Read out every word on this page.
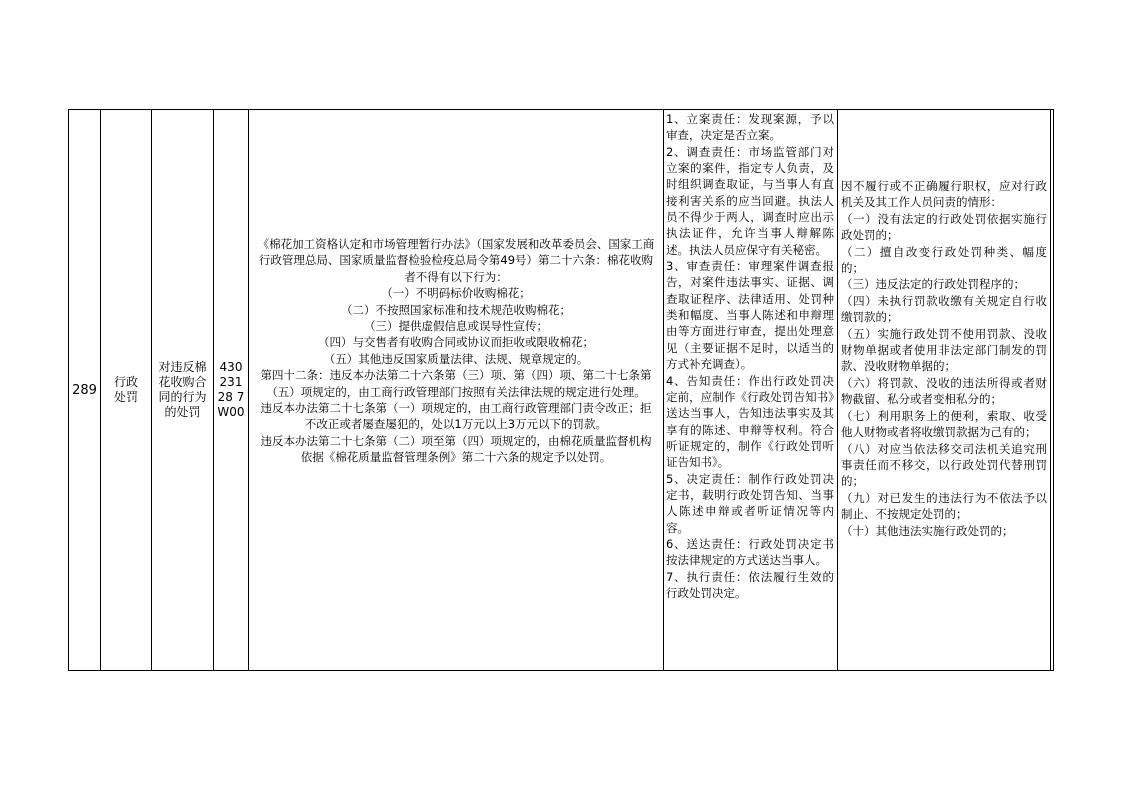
289
行政处罚
对违反棉花收购合同的行为的处罚
43023128 7W00

《棉花加工资格认定和市场管理暂行办法》（国家发展和改革委员会、国家工商行政管理总局、国家质量监督检验检疫总局令第49号）第二十六条：棉花收购者不得有以下行为：

（一）不明码标价收购棉花；

（二）不按照国家标准和技术规范收购棉花；

（三）提供虚假信息或误导性宣传；

（四）与交售者有收购合同或协议而拒收或限收棉花；

（五）其他违反国家质量法律、法规、规章规定的。

第四十二条：违反本办法第二十六条第（三）项、第（四）项、第二十七条第（五）项规定的，由工商行政管理部门按照有关法律法规的规定进行处理。

违反本办法第二十七条第（一）项规定的，由工商行政管理部门责令改正；拒不改正或者屡查屡犯的，处以1万元以上3万元以下的罚款。

违反本办法第二十七条第（二）项至第（四）项规定的，由棉花质量监督机构依据《棉花质量监督管理条例》第二十六条的规定予以处罚。

1、立案责任：发现案源，予以审查，决定是否立案。

2、调查责任：市场监管部门对立案的案件，指定专人负责，及时组织调查取证，与当事人有直接利害关系的应当回避。执法人员不得少于两人，调查时应出示执法证件，允许当事人辩解陈述。执法人员应保守有关秘密。

3、审查责任：审理案件调查报告，对案件违法事实、证据、调查取证程序、法律适用、处罚种类和幅度、当事人陈述和申辩理由等方面进行审查，提出处理意见（主要证据不足时，以适当的方式补充调查）。

4、告知责任：作出行政处罚决定前，应制作《行政处罚告知书》送达当事人，告知违法事实及其享有的陈述、申辩等权利。符合听证规定的，制作《行政处罚听证告知书》。

5、决定责任：制作行政处罚决定书，载明行政处罚告知、当事人陈述申辩或者听证情况等内容。

6、送达责任：行政处罚决定书按法律规定的方式送达当事人。

7、执行责任：依法履行生效的行政处罚决定。

因不履行或不正确履行职权，应对行政机关及其工作人员问责的情形：

（一）没有法定的行政处罚依据实施行政处罚的；

（二）擅自改变行政处罚种类、幅度的；

（三）违反法定的行政处罚程序的；

（四）未执行罚款收缴有关规定自行收缴罚款的；

（五）实施行政处罚不使用罚款、没收财物单据或者使用非法定部门制发的罚款、没收财物单据的；

（六）将罚款、没收的违法所得或者财物截留、私分或者变相私分的；

（七）利用职务上的便利，索取、收受他人财物或者将收缴罚款据为己有的；

（八）对应当依法移交司法机关追究刑事责任而不移交，以行政处罚代替刑罚的；

（九）对已发生的违法行为不依法予以制止、不按规定处罚的；

（十）其他违法实施行政处罚的；
